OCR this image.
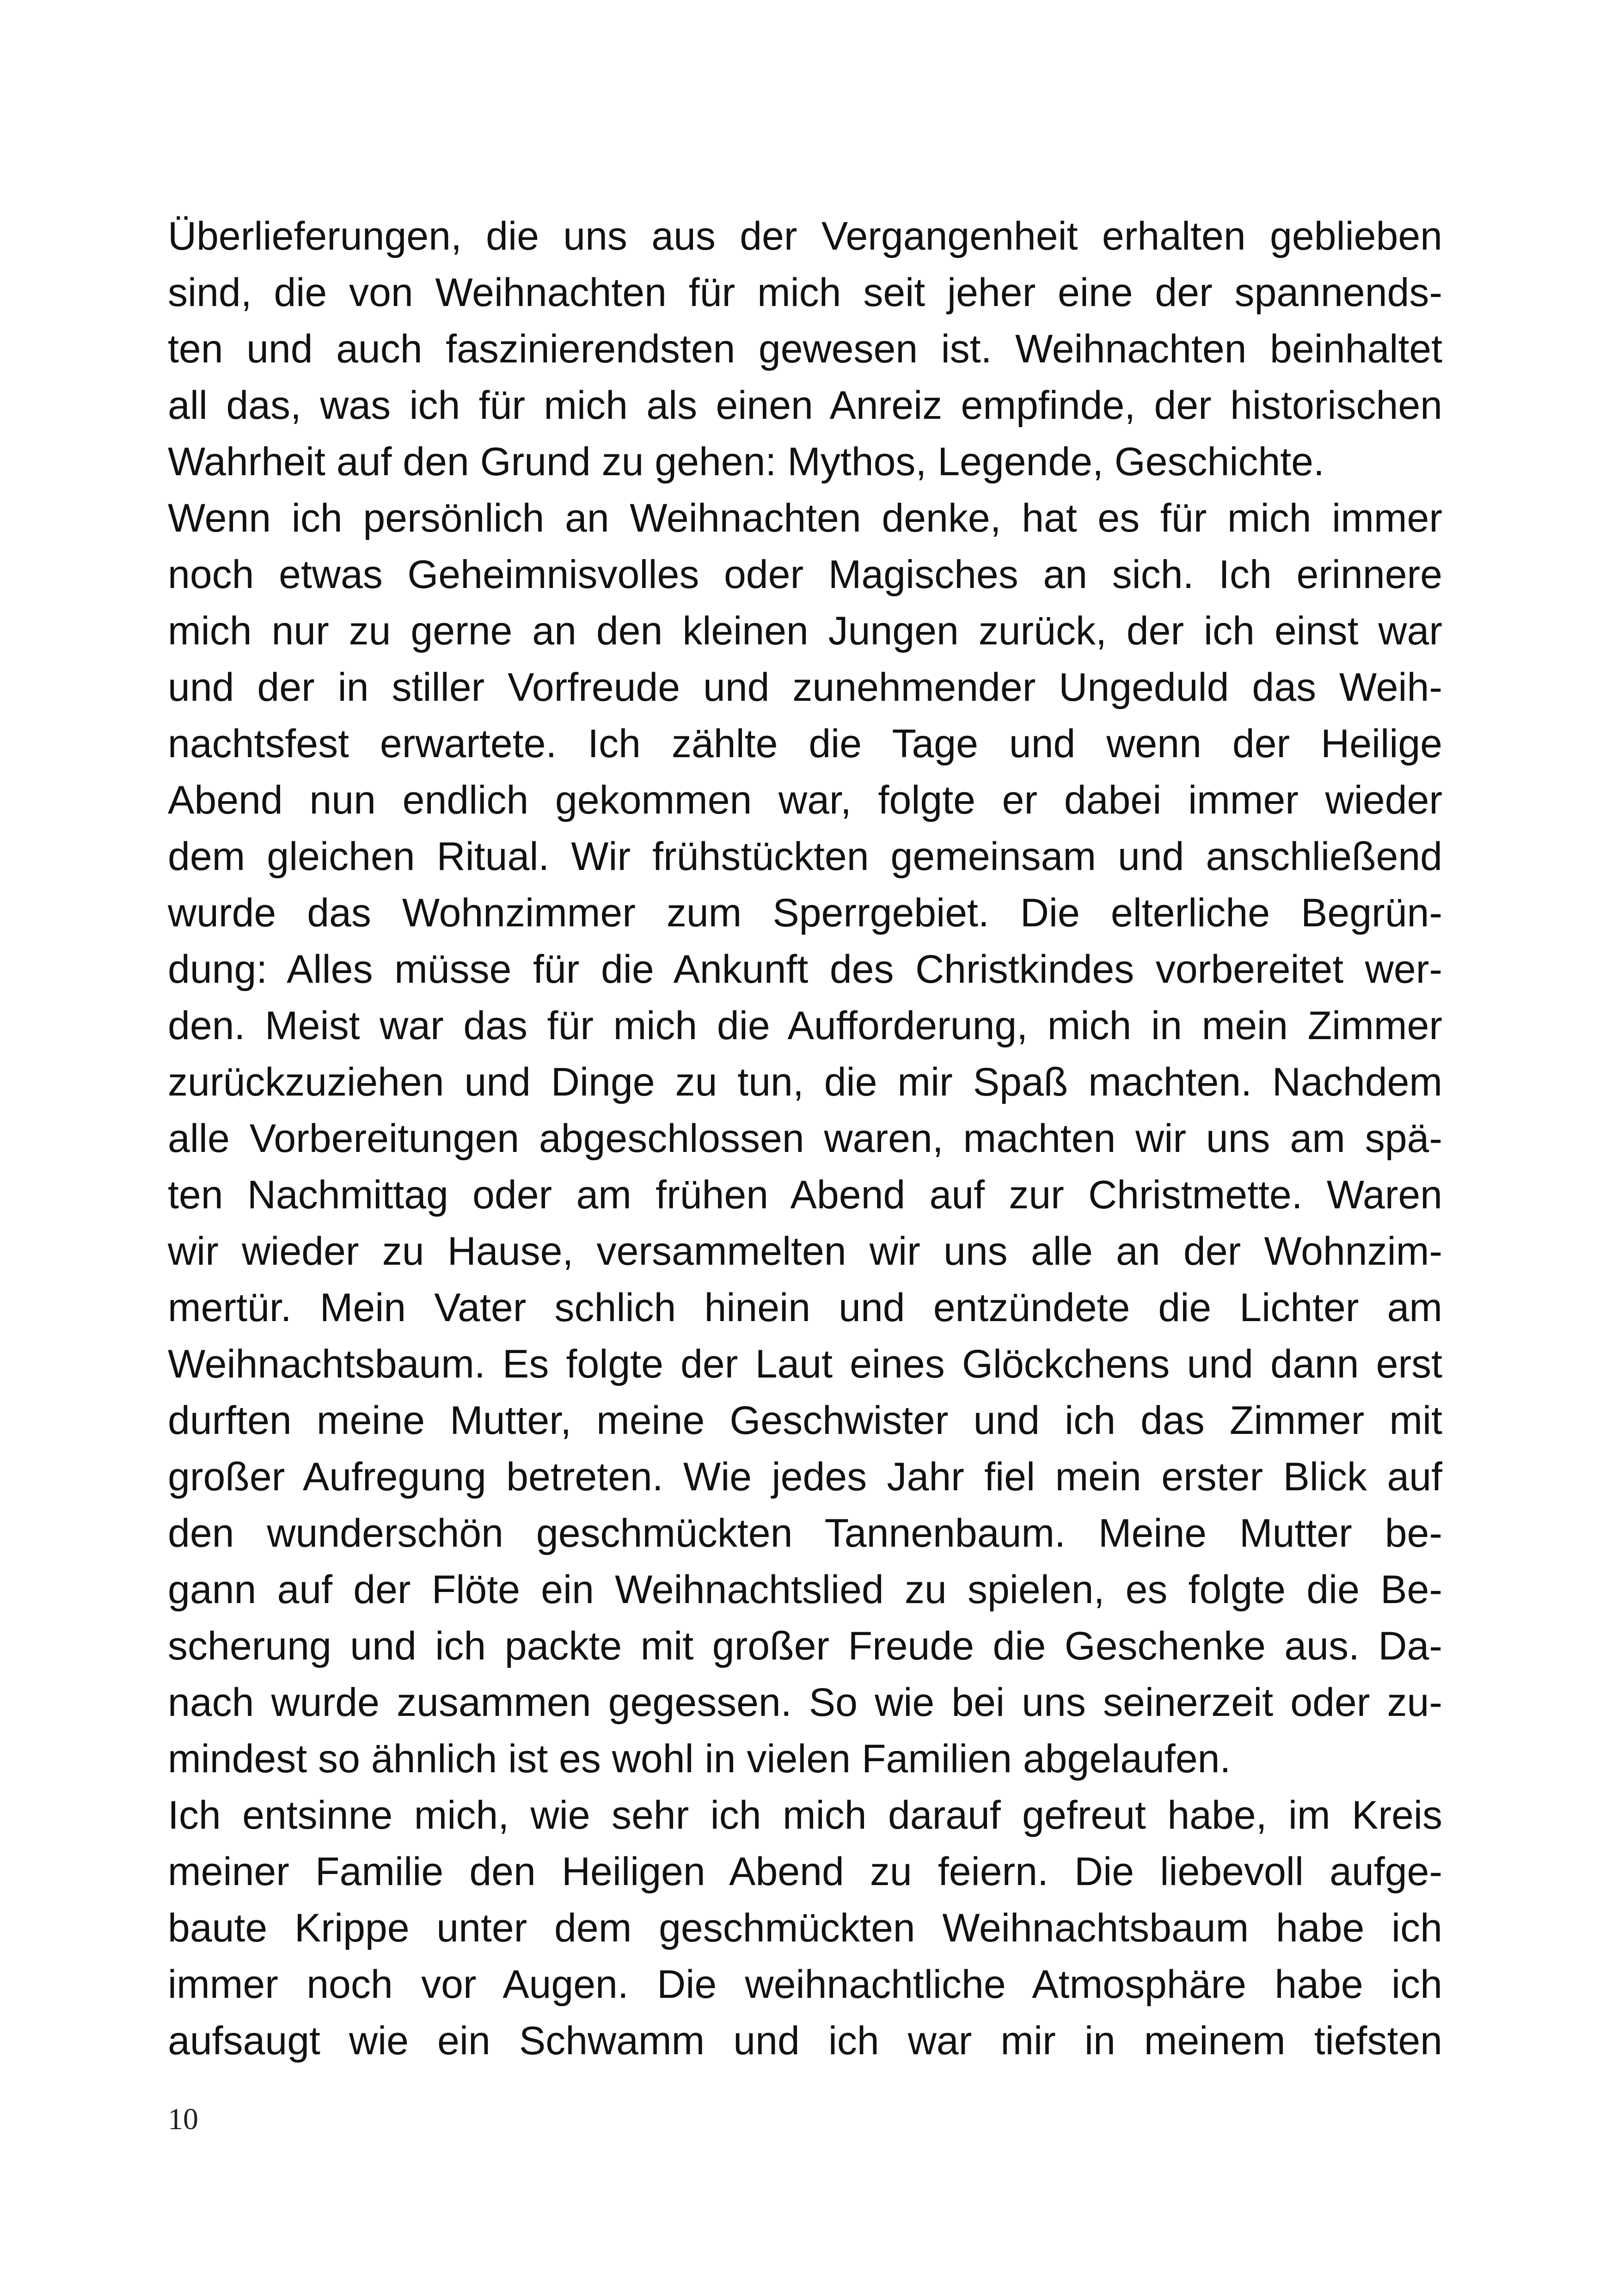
Überlieferungen, die uns aus der Vergangenheit erhalten geblieben
sind, die von Weihnachten für mich seit jeher eine der spannends-
ten und auch faszinierendsten gewesen ist. Weihnachten beinhaltet
all das, was ich für mich als einen Anreiz empfinde, der historischen
Wahrheit auf den Grund zu gehen: Mythos, Legende, Geschichte.
Wenn ich persönlich an Weihnachten denke, hat es für mich immer
noch etwas Geheimnisvolles oder Magisches an sich. Ich erinnere
mich nur zu gerne an den kleinen Jungen zurück, der ich einst war
und der in stiller Vorfreude und zunehmender Ungeduld das Weih-
nachtsfest erwartete. Ich zählte die Tage und wenn der Heilige
Abend nun endlich gekommen war, folgte er dabei immer wieder
dem gleichen Ritual. Wir frühstückten gemeinsam und anschließend
wurde das Wohnzimmer zum Sperrgebiet. Die elterliche Begrün-
dung: Alles müsse für die Ankunft des Christkindes vorbereitet wer-
den. Meist war das für mich die Aufforderung, mich in mein Zimmer
zurückzuziehen und Dinge zu tun, die mir Spaß machten. Nachdem
alle Vorbereitungen abgeschlossen waren, machten wir uns am spä-
ten Nachmittag oder am frühen Abend auf zur Christmette. Waren
wir wieder zu Hause, versammelten wir uns alle an der Wohnzim-
mertür. Mein Vater schlich hinein und entzündete die Lichter am
Weihnachtsbaum. Es folgte der Laut eines Glöckchens und dann erst
durften meine Mutter, meine Geschwister und ich das Zimmer mit
großer Aufregung betreten. Wie jedes Jahr fiel mein erster Blick auf
den wunderschön geschmückten Tannenbaum. Meine Mutter be-
gann auf der Flöte ein Weihnachtslied zu spielen, es folgte die Be-
scherung und ich packte mit großer Freude die Geschenke aus. Da-
nach wurde zusammen gegessen. So wie bei uns seinerzeit oder zu-
mindest so ähnlich ist es wohl in vielen Familien abgelaufen.
Ich entsinne mich, wie sehr ich mich darauf gefreut habe, im Kreis
meiner Familie den Heiligen Abend zu feiern. Die liebevoll aufge-
baute Krippe unter dem geschmückten Weihnachtsbaum habe ich
immer noch vor Augen. Die weihnachtliche Atmosphäre habe ich
aufsaugt wie ein Schwamm und ich war mir in meinem tiefsten
10
